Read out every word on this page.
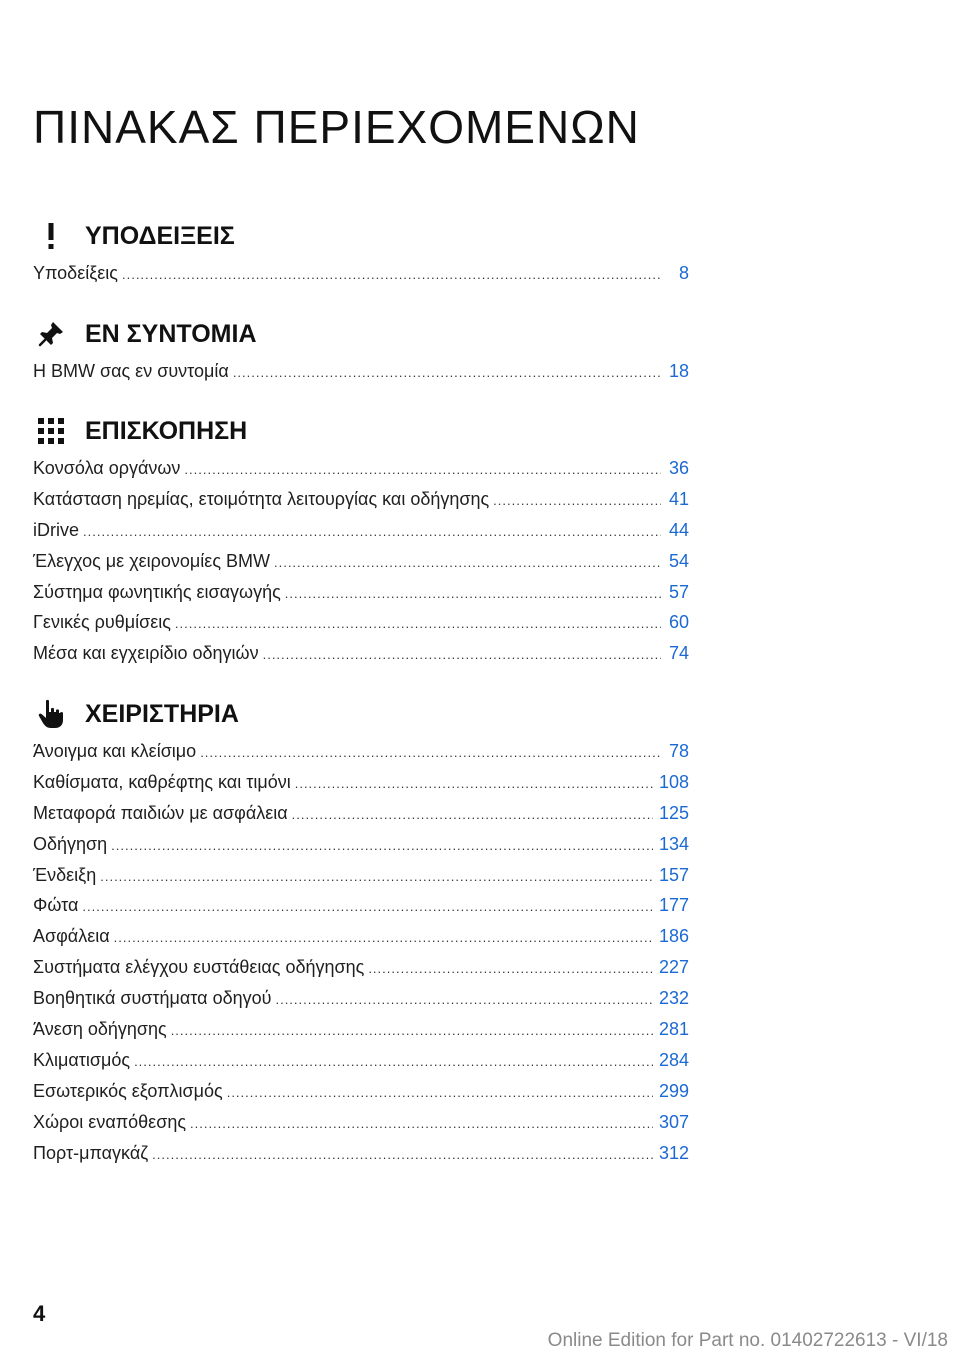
ΠΙΝΑΚΑΣ ΠΕΡΙΕΧΟΜΕΝΩΝ
ΥΠΟΔΕΙΞΕΙΣ
Υποδείξεις .....	8
ΕΝ ΣΥΝΤΟΜΙΑ
Η BMW σας εν συντομία .....	18
ΕΠΙΣΚΟΠΗΣΗ
Κονσόλα οργάνων .....	36
Κατάσταση ηρεμίας, ετοιμότητα λειτουργίας και οδήγησης .....	41
iDrive .....	44
Έλεγχος με χειρονομίες BMW .....	54
Σύστημα φωνητικής εισαγωγής .....	57
Γενικές ρυθμίσεις .....	60
Μέσα και εγχειρίδιο οδηγιών .....	74
ΧΕΙΡΙΣΤΗΡΙΑ
Άνοιγμα και κλείσιμο .....	78
Καθίσματα, καθρέφτης και τιμόνι .....	108
Μεταφορά παιδιών με ασφάλεια .....	125
Οδήγηση .....	134
Ένδειξη .....	157
Φώτα .....	177
Ασφάλεια .....	186
Συστήματα ελέγχου ευστάθειας οδήγησης .....	227
Βοηθητικά συστήματα οδηγού .....	232
Άνεση οδήγησης .....	281
Κλιματισμός .....	284
Εσωτερικός εξοπλισμός .....	299
Χώροι εναπόθεσης .....	307
Πορτ-μπαγκάζ .....	312
4
Online Edition for Part no. 01402722613 - VI/18
